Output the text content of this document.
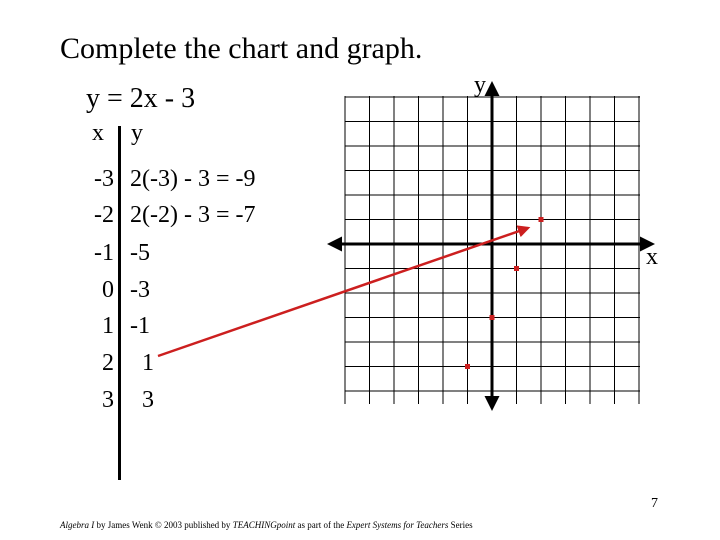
Complete the chart and graph.
y = 2x - 3
x y
-3 2(-3) - 3 = -9
-2 2(-2) - 3 = -7
-1 -5
0 -3
1 -1
2 1
3 3
y
x
7
Algebra I by James Wenk © 2003 published by TEACHINGpoint as part of the Expert Systems for Teachers Series
